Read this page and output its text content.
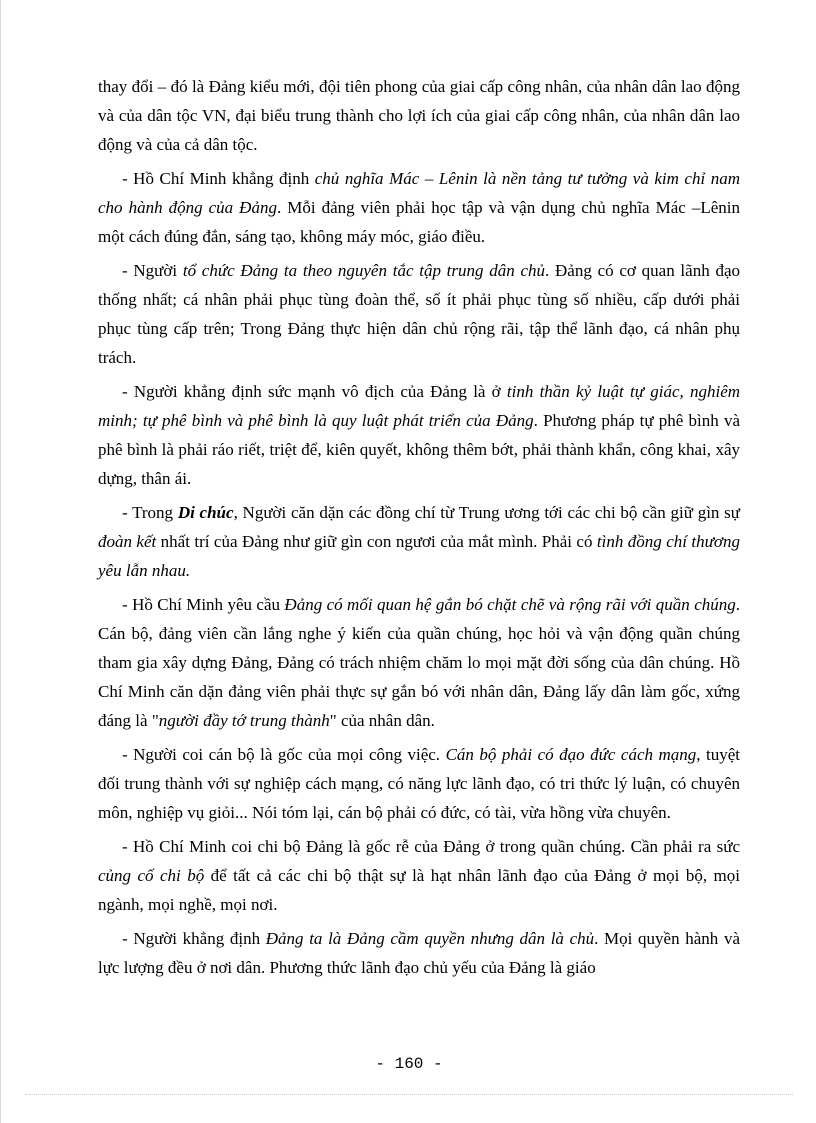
thay đổi – đó là Đảng kiểu mới, đội tiên phong của giai cấp công nhân, của nhân dân lao động và của dân tộc VN, đại biểu trung thành cho lợi ích của giai cấp công nhân, của nhân dân lao động và của cả dân tộc.

- Hồ Chí Minh khẳng định chủ nghĩa Mác – Lênin là nền tảng tư tưởng và kim chỉ nam cho hành động của Đảng. Mỗi đảng viên phải học tập và vận dụng chủ nghĩa Mác –Lênin một cách đúng đắn, sáng tạo, không máy móc, giáo điều.

- Người tổ chức Đảng ta theo nguyên tắc tập trung dân chủ. Đảng có cơ quan lãnh đạo thống nhất; cá nhân phải phục tùng đoàn thể, số ít phải phục tùng số nhiều, cấp dưới phải phục tùng cấp trên; Trong Đảng thực hiện dân chủ rộng rãi, tập thể lãnh đạo, cá nhân phụ trách.

- Người khẳng định sức mạnh vô địch của Đảng là ở tinh thần kỷ luật tự giác, nghiêm minh; tự phê bình và phê bình là quy luật phát triển của Đảng. Phương pháp tự phê bình và phê bình là phải ráo riết, triệt để, kiên quyết, không thêm bớt, phải thành khẩn, công khai, xây dựng, thân ái.

- Trong Di chúc, Người căn dặn các đồng chí từ Trung ương tới các chi bộ cần giữ gìn sự đoàn kết nhất trí của Đảng như giữ gìn con ngươi của mắt mình. Phải có tình đồng chí thương yêu lẫn nhau.

- Hồ Chí Minh yêu cầu Đảng có mối quan hệ gắn bó chặt chẽ và rộng rãi với quần chúng. Cán bộ, đảng viên cần lắng nghe ý kiến của quần chúng, học hỏi và vận động quần chúng tham gia xây dựng Đảng, Đảng có trách nhiệm chăm lo mọi mặt đời sống của dân chúng. Hồ Chí Minh căn dặn đảng viên phải thực sự gắn bó với nhân dân, Đảng lấy dân làm gốc, xứng đáng là "người đầy tớ trung thành" của nhân dân.

- Người coi cán bộ là gốc của mọi công việc. Cán bộ phải có đạo đức cách mạng, tuyệt đối trung thành với sự nghiệp cách mạng, có năng lực lãnh đạo, có tri thức lý luận, có chuyên môn, nghiệp vụ giỏi... Nói tóm lại, cán bộ phải có đức, có tài, vừa hồng vừa chuyên.

- Hồ Chí Minh coi chi bộ Đảng là gốc rễ của Đảng ở trong quần chúng. Cần phải ra sức củng cố chi bộ để tất cả các chi bộ thật sự là hạt nhân lãnh đạo của Đảng ở mọi bộ, mọi ngành, mọi nghề, mọi nơi.

- Người khẳng định Đảng ta là Đảng cầm quyền nhưng dân là chủ. Mọi quyền hành và lực lượng đều ở nơi dân. Phương thức lãnh đạo chủ yếu của Đảng là giáo

- 160 -
